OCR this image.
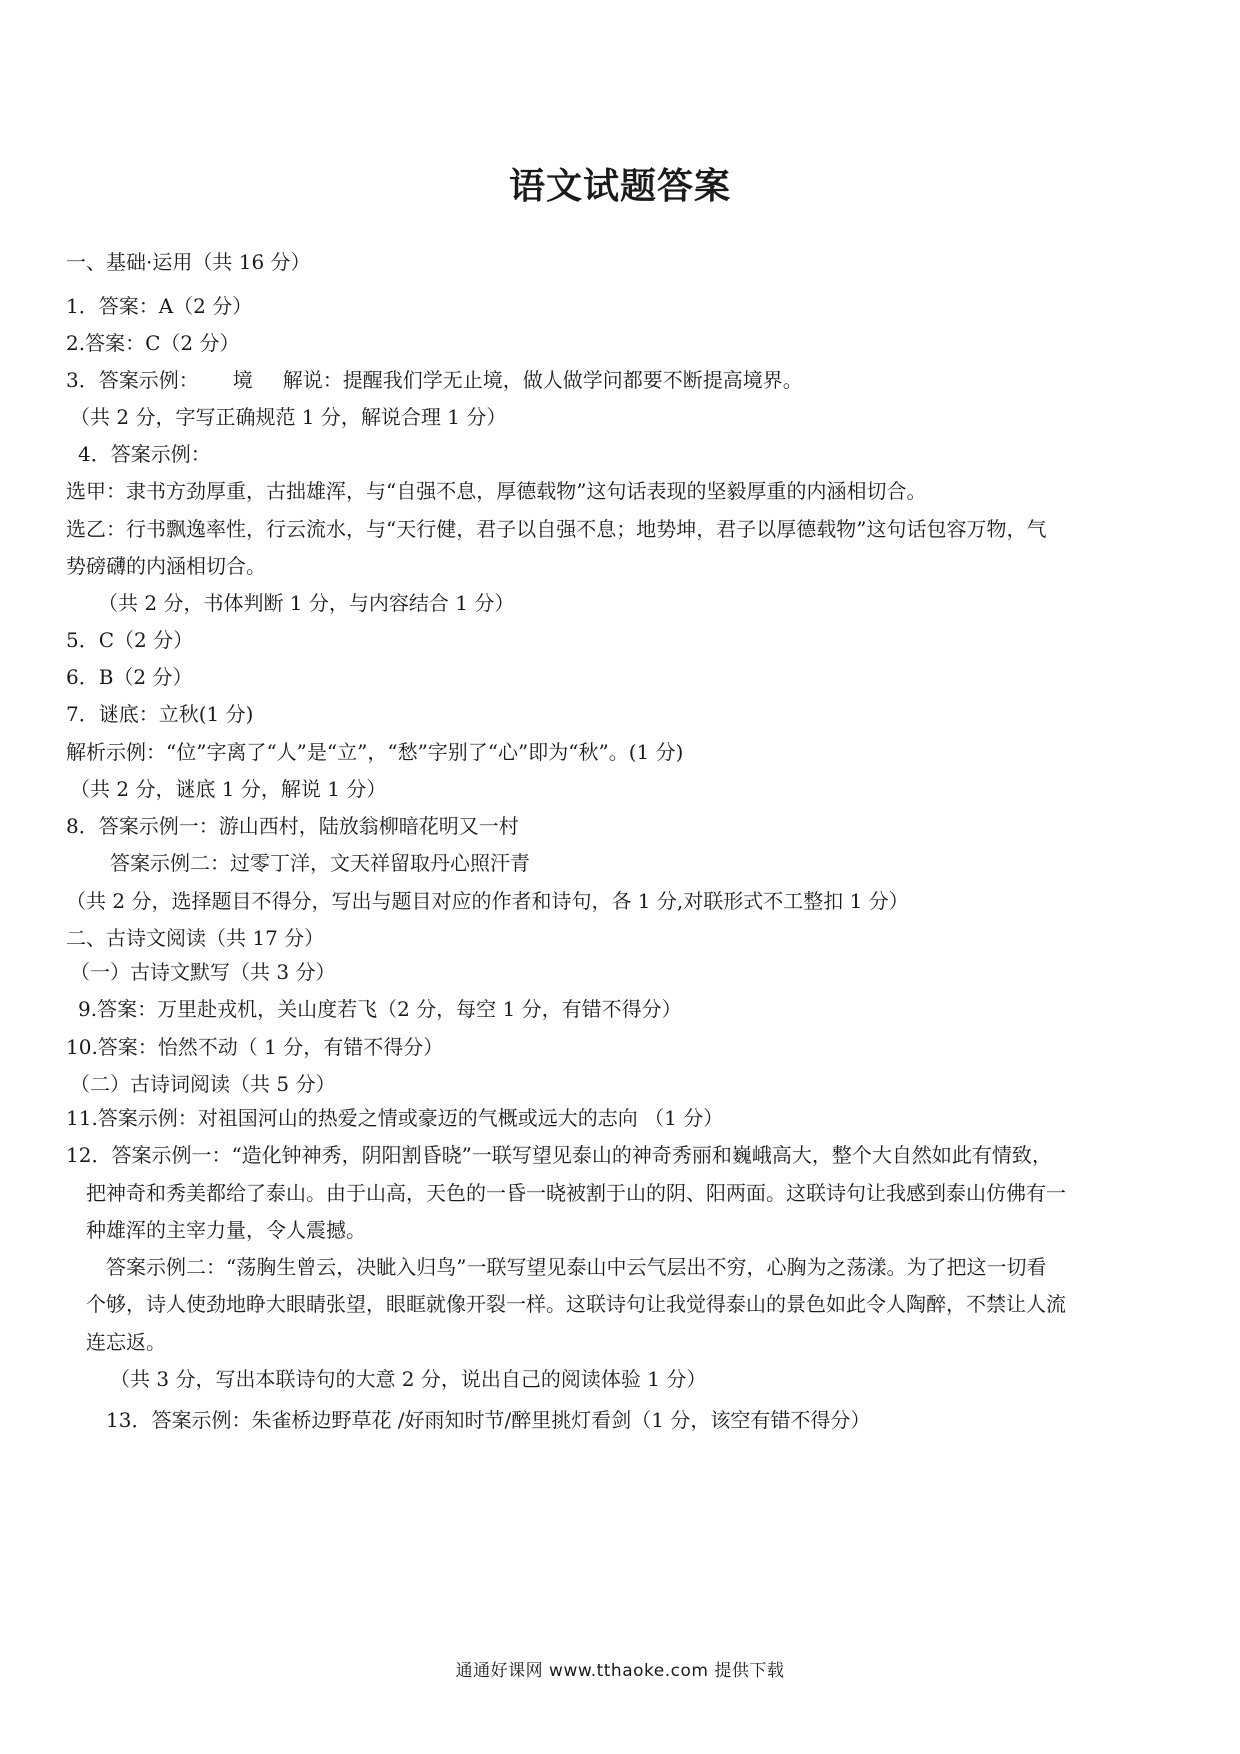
语文试题答案
一、基础·运用（共 16 分）
1．答案：A（2 分）
2.答案：C（2 分）
3．答案示例： 境 解说：提醒我们学无止境，做人做学问都要不断提高境界。
（共 2 分，字写正确规范 1 分，解说合理 1 分）
4．答案示例：
选甲：隶书方劲厚重，古拙雄浑，与“自强不息，厚德载物”这句话表现的坚毅厚重的内涵相切合。
选乙：行书飘逸率性，行云流水，与“天行健，君子以自强不息；地势坤，君子以厚德载物”这句话包容万物，气
势磅礴的内涵相切合。
（共 2 分，书体判断 1 分，与内容结合 1 分）
5．C（2 分）
6．B（2 分）
7．谜底：立秋(1 分)
解析示例：“位”字离了“人”是“立”，“愁”字别了“心”即为“秋”。(1 分)
（共 2 分，谜底 1 分，解说 1 分）
8．答案示例一：游山西村，陆放翁柳暗花明又一村
答案示例二：过零丁洋，文天祥留取丹心照汗青
（共 2 分，选择题目不得分，写出与题目对应的作者和诗句，各 1 分,对联形式不工整扣 1 分）
二、古诗文阅读（共 17 分）
（一）古诗文默写（共 3 分）
9.答案：万里赴戎机，关山度若飞（2 分，每空 1 分，有错不得分）
10.答案：怡然不动（ 1 分，有错不得分）
（二）古诗词阅读（共 5 分）
11.答案示例：对祖国河山的热爱之情或豪迈的气概或远大的志向 （1 分）
12．答案示例一：“造化钟神秀，阴阳割昏晓”一联写望见泰山的神奇秀丽和巍峨高大，整个大自然如此有情致，
把神奇和秀美都给了泰山。由于山高，天色的一昏一晓被割于山的阴、阳两面。这联诗句让我感到泰山仿佛有一
种雄浑的主宰力量，令人震撼。
答案示例二：“荡胸生曾云，决眦入归鸟”一联写望见泰山中云气层出不穷，心胸为之荡漾。为了把这一切看
个够，诗人使劲地睁大眼睛张望，眼眶就像开裂一样。这联诗句让我觉得泰山的景色如此令人陶醉，不禁让人流
连忘返。
（共 3 分，写出本联诗句的大意 2 分，说出自己的阅读体验 1 分）
13．答案示例：朱雀桥边野草花 /好雨知时节/醉里挑灯看剑（1 分，该空有错不得分）
通通好课网 www.tthaoke.com 提供下载
